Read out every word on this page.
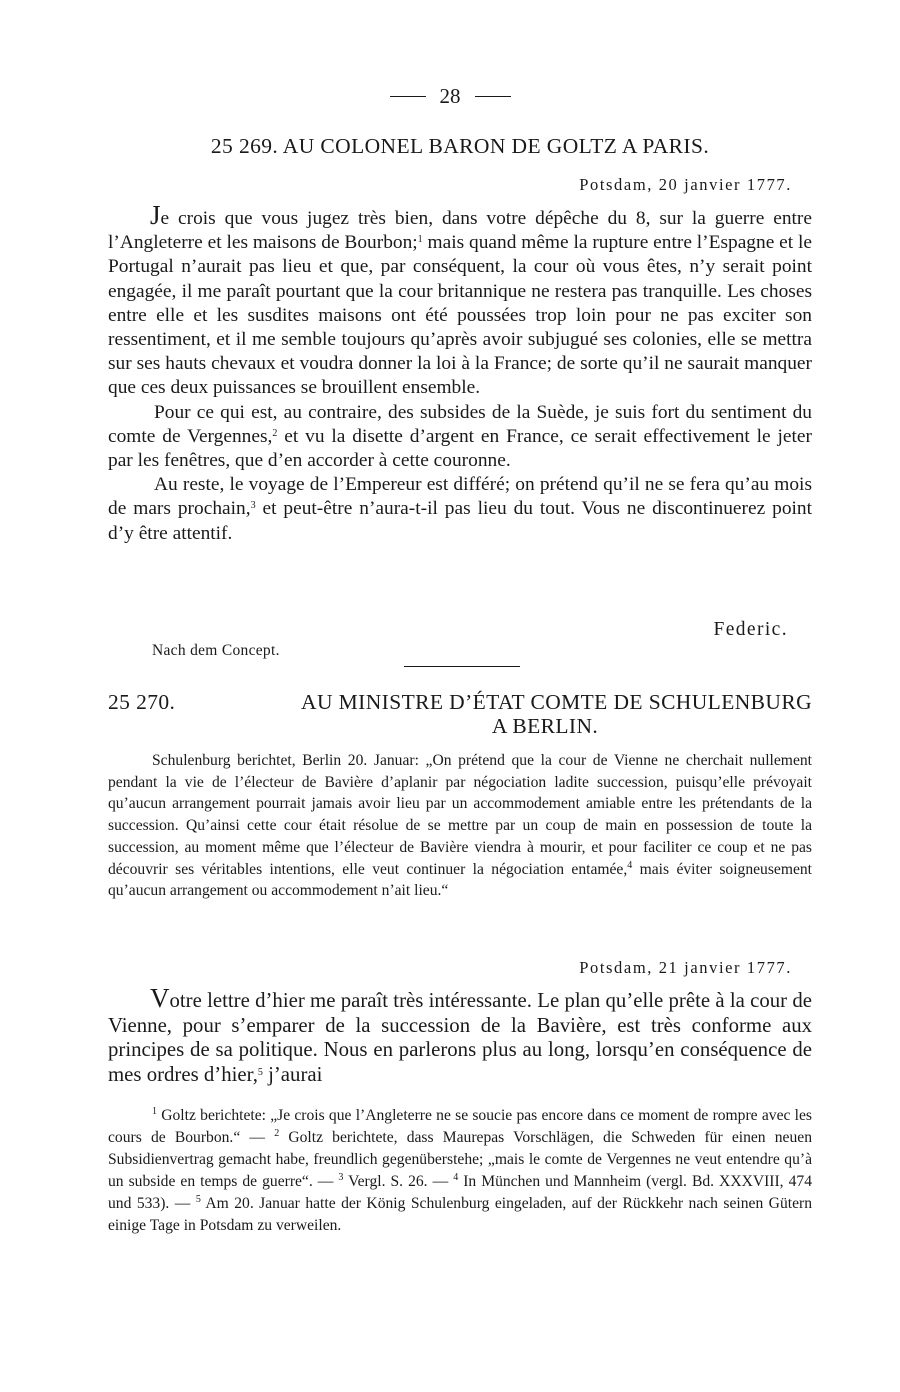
28
25 269. AU COLONEL BARON DE GOLTZ A PARIS.
Potsdam, 20 janvier 1777.

Je crois que vous jugez très bien, dans votre dépêche du 8, sur la guerre entre l’Angleterre et les maisons de Bourbon;$^1$ mais quand même la rupture entre l’Espagne et le Portugal n’aurait pas lieu et que, par conséquent, la cour où vous êtes, n’y serait point engagée, il me paraît pourtant que la cour britannique ne restera pas tranquille. Les choses entre elle et les susdites maisons ont été poussées trop loin pour ne pas exciter son ressentiment, et il me semble toujours qu’après avoir subjugué ses colonies, elle se mettra sur ses hauts chevaux et voudra donner la loi à la France; de sorte qu’il ne saurait manquer que ces deux puissances se brouillent ensemble.

Pour ce qui est, au contraire, des subsides de la Suède, je suis fort du sentiment du comte de Vergennes,$^2$ et vu la disette d’argent en France, ce serait effectivement le jeter par les fenêtres, que d’en accorder à cette couronne.

Au reste, le voyage de l’Empereur est différé; on prétend qu’il ne se fera qu’au mois de mars prochain,$^3$ et peut-être n’aura-t-il pas lieu du tout. Vous ne discontinuerez point d’y être attentif.

Federic.
Nach dem Concept.
25 270.	AU MINISTRE D’ÉTAT COMTE DE SCHULENBURG
A BERLIN.

Schulenburg berichtet, Berlin 20. Januar: „On prétend que la cour de Vienne ne cherchait nullement pendant la vie de l’électeur de Bavière d’aplanir par négociation ladite succession, puisqu’elle prévoyait qu’aucun arrangement pourrait jamais avoir lieu par un accommodement amiable entre les prétendants de la succession. Qu’ainsi cette cour était résolue de se mettre par un coup de main en possession de toute la succession, au moment même que l’électeur de Bavière viendra à mourir, et pour faciliter ce coup et ne pas découvrir ses véritables intentions, elle veut continuer la négociation entamée,$^4$ mais éviter soigneusement qu’aucun arrangement ou accommodement n’ait lieu.“

Potsdam, 21 janvier 1777.

Votre lettre d’hier me paraît très intéressante. Le plan qu’elle prête à la cour de Vienne, pour s’emparer de la succession de la Bavière, est très conforme aux principes de sa politique. Nous en parlerons plus au long, lorsqu’en conséquence de mes ordres d’hier,$^5$ j’aurai

$^1$ Goltz berichtete: „Je crois que l’Angleterre ne se soucie pas encore dans ce moment de rompre avec les cours de Bourbon.“ — $^2$ Goltz berichtete, dass Maurepas Vorschlägen, die Schweden für einen neuen Subsidienvertrag gemacht habe, freundlich gegenüberstehe; „mais le comte de Vergennes ne veut entendre qu’à un subside en temps de guerre“. — $^3$ Vergl. S. 26. — $^4$ In München und Mannheim (vergl. Bd. XXXVIII, 474 und 533). — $^5$ Am 20. Januar hatte der König Schulenburg eingeladen, auf der Rückkehr nach seinen Gütern einige Tage in Potsdam zu verweilen.
